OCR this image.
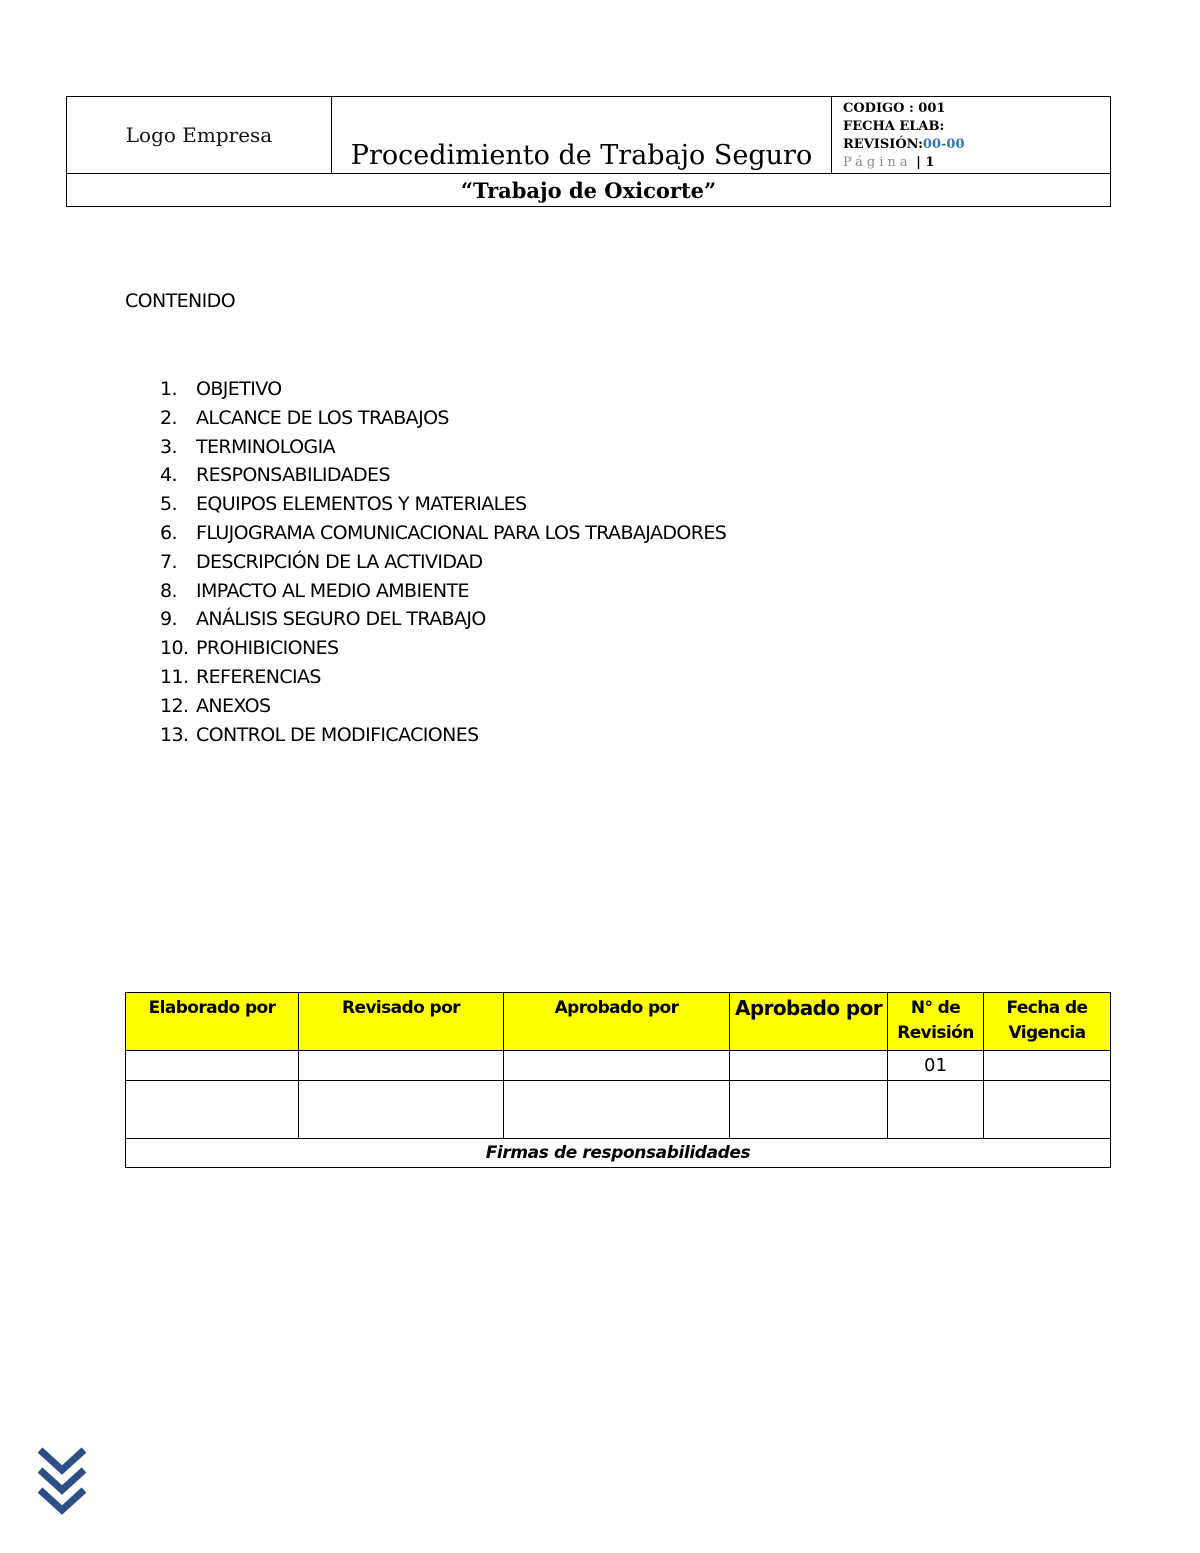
Logo Empresa	Procedimiento de Trabajo Seguro	
CODIGO : 001
FECHA ELAB:
REVISIÓN:00-00
Página | 1

“Trabajo de Oxicorte”
CONTENIDO
1. OBJETIVO
2. ALCANCE DE LOS TRABAJOS
3. TERMINOLOGIA
4. RESPONSABILIDADES
5. EQUIPOS ELEMENTOS Y MATERIALES
6. FLUJOGRAMA COMUNICACIONAL PARA LOS TRABAJADORES
7. DESCRIPCIÓN DE LA ACTIVIDAD
8. IMPACTO AL MEDIO AMBIENTE
9. ANÁLISIS SEGURO DEL TRABAJO
10. PROHIBICIONES
11. REFERENCIAS
12. ANEXOS
13. CONTROL DE MODIFICACIONES
Elaborado por	Revisado por	Aprobado por	Aprobado por	N° de Revisión	Fecha de Vigencia
				01	

Firmas de responsabilidades					
